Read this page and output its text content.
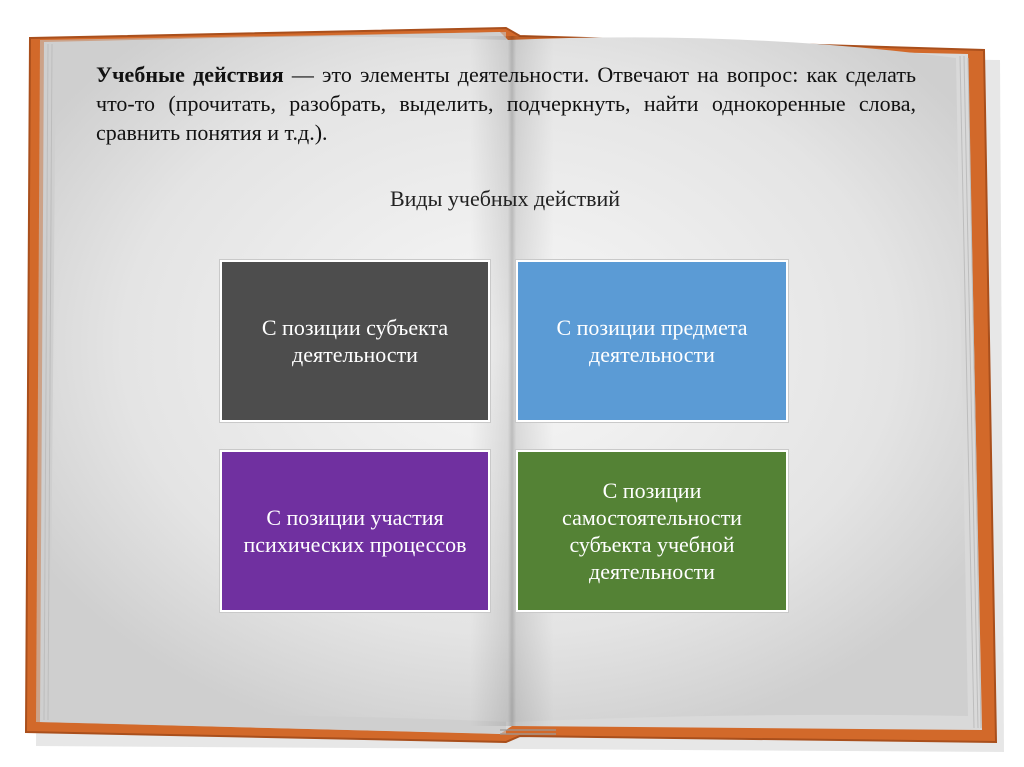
Учебные действия — это элементы деятельности. Отвечают на вопрос: как сделать что-то (прочитать, разобрать, выделить, подчеркнуть, найти однокоренные слова, сравнить понятия и т.д.).
Виды учебных действий
С позиции субъекта деятельности
С позиции предмета деятельности
С позиции участия психических процессов
С позиции самостоятельности субъекта учебной деятельности
